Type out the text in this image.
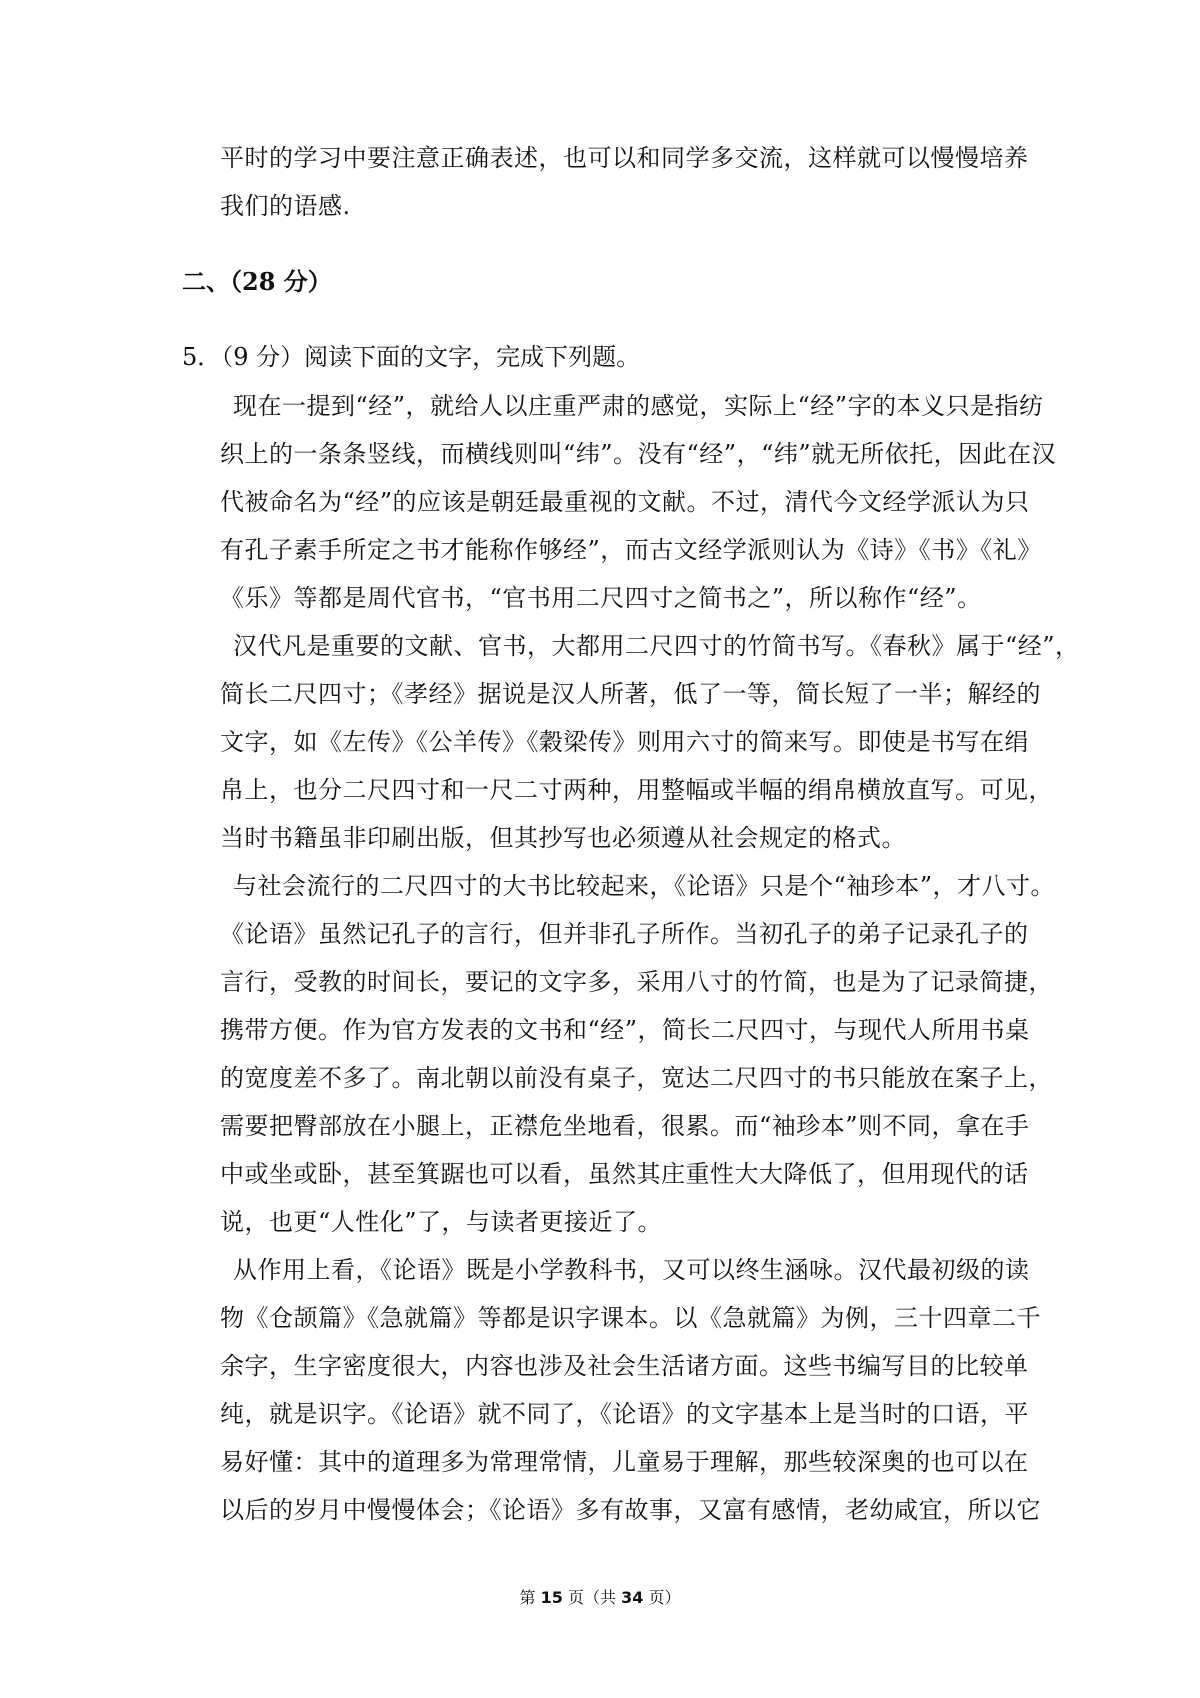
平时的学习中要注意正确表述，也可以和同学多交流，这样就可以慢慢培养
我们的语感.
二、（28 分）
5．（9 分）阅读下面的文字，完成下列题。
现在一提到“经”，就给人以庄重严肃的感觉，实际上“经”字的本义只是指纺
织上的一条条竖线，而横线则叫“纬”。没有“经”，“纬”就无所依托，因此在汉
代被命名为“经”的应该是朝廷最重视的文献。不过，清代今文经学派认为只
有孔子素手所定之书才能称作够经”，而古文经学派则认为《诗》《书》《礼》
《乐》等都是周代官书，“官书用二尺四寸之简书之”，所以称作“经”。
汉代凡是重要的文献、官书，大都用二尺四寸的竹简书写。《春秋》属于“经”，
简长二尺四寸；《孝经》据说是汉人所著，低了一等，简长短了一半；解经的
文字，如《左传》《公羊传》《穀梁传》则用六寸的简来写。即使是书写在绢
帛上，也分二尺四寸和一尺二寸两种，用整幅或半幅的绢帛横放直写。可见，
当时书籍虽非印刷出版，但其抄写也必须遵从社会规定的格式。
与社会流行的二尺四寸的大书比较起来，《论语》只是个“袖珍本”，才八寸。
《论语》虽然记孔子的言行，但并非孔子所作。当初孔子的弟子记录孔子的
言行，受教的时间长，要记的文字多，采用八寸的竹简，也是为了记录简捷，
携带方便。作为官方发表的文书和“经”，简长二尺四寸，与现代人所用书桌
的宽度差不多了。南北朝以前没有桌子，宽达二尺四寸的书只能放在案子上，
需要把臀部放在小腿上，正襟危坐地看，很累。而“袖珍本”则不同，拿在手
中或坐或卧，甚至箕踞也可以看，虽然其庄重性大大降低了，但用现代的话
说，也更“人性化”了，与读者更接近了。
从作用上看，《论语》既是小学教科书，又可以终生涵咏。汉代最初级的读
物《仓颉篇》《急就篇》等都是识字课本。以《急就篇》为例，三十四章二千
余字，生字密度很大，内容也涉及社会生活诸方面。这些书编写目的比较单
纯，就是识字。《论语》就不同了，《论语》的文字基本上是当时的口语，平
易好懂：其中的道理多为常理常情，儿童易于理解，那些较深奥的也可以在
以后的岁月中慢慢体会；《论语》多有故事，又富有感情，老幼咸宜，所以它
第 15 页（共 34 页）
